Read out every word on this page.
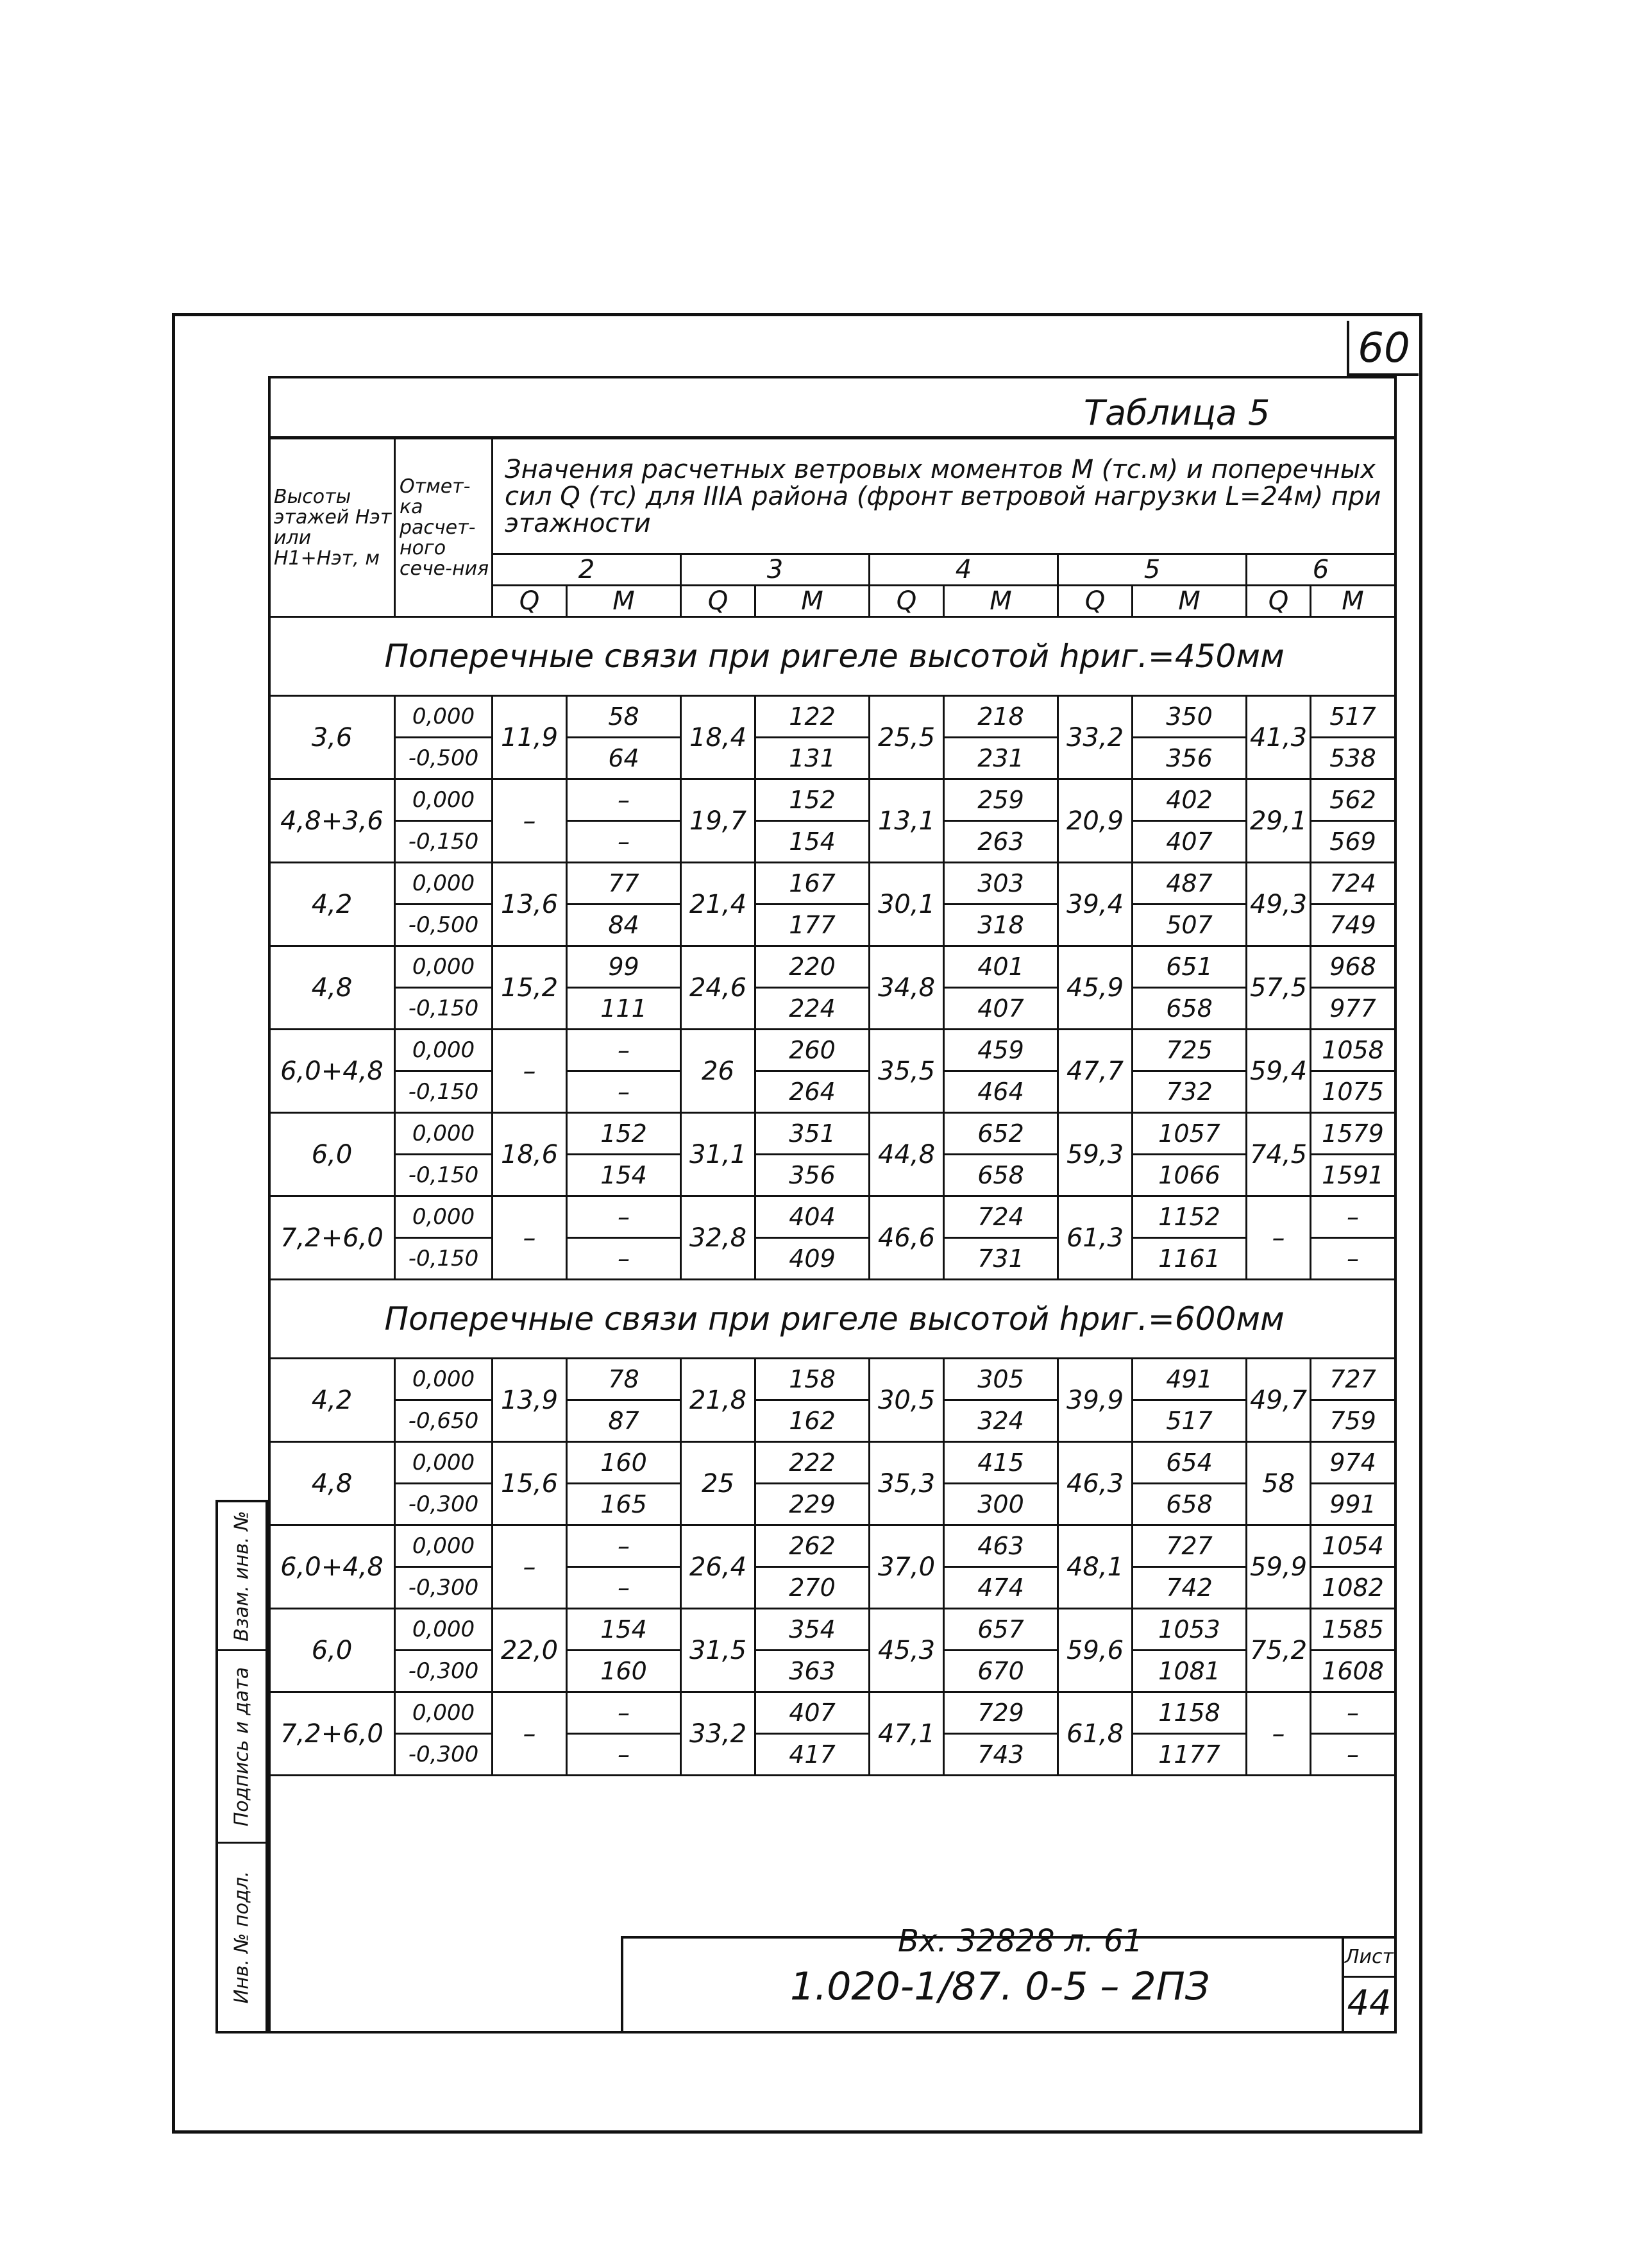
60
Таблица 5
Высоты этажей Hэт или H1+Hэт, м	Отмет-ка расчет-ного сече-ния	Значения расчетных ветровых моментов M (тс.м) и поперечных сил Q (тс) для IIIA района (фронт ветровой нагрузки L=24м) при этажности									
		2		3		4		5		6	
		Q	M	Q	M	Q	M	Q	M	Q	M
Поперечные связи при ригеле высотой hриг.=450мм											
3,6	0,000	11,9	58	18,4	122	25,5	218	33,2	350	41,3	517
	-0,500		64		131		231		356		538
4,8+3,6	0,000	–	–	19,7	152	13,1	259	20,9	402	29,1	562
	-0,150		–		154		263		407		569
4,2	0,000	13,6	77	21,4	167	30,1	303	39,4	487	49,3	724
	-0,500		84		177		318		507		749
4,8	0,000	15,2	99	24,6	220	34,8	401	45,9	651	57,5	968
	-0,150		111		224		407		658		977
6,0+4,8	0,000	–	–	26	260	35,5	459	47,7	725	59,4	1058
	-0,150		–		264		464		732		1075
6,0	0,000	18,6	152	31,1	351	44,8	652	59,3	1057	74,5	1579
	-0,150		154		356		658		1066		1591
7,2+6,0	0,000	–	–	32,8	404	46,6	724	61,3	1152	–	–
	-0,150		–		409		731		1161		–
Поперечные связи при ригеле высотой hриг.=600мм											
4,2	0,000	13,9	78	21,8	158	30,5	305	39,9	491	49,7	727
	-0,650		87		162		324		517		759
4,8	0,000	15,6	160	25	222	35,3	415	46,3	654	58	974
	-0,300		165		229		300		658		991
6,0+4,8	0,000	–	–	26,4	262	37,0	463	48,1	727	59,9	1054
	-0,300		–		270		474		742		1082
6,0	0,000	22,0	154	31,5	354	45,3	657	59,6	1053	75,2	1585
	-0,300		160		363		670		1081		1608
7,2+6,0	0,000	–	–	33,2	407	47,1	729	61,8	1158	–	–
	-0,300		–		417		743		1177		–
Взам. инв. №
Подпись и дата
Инв. № подл.	Вх. 32828 л. 61
1.020-1/87. 0-5 – 2ПЗ
Лист
44
